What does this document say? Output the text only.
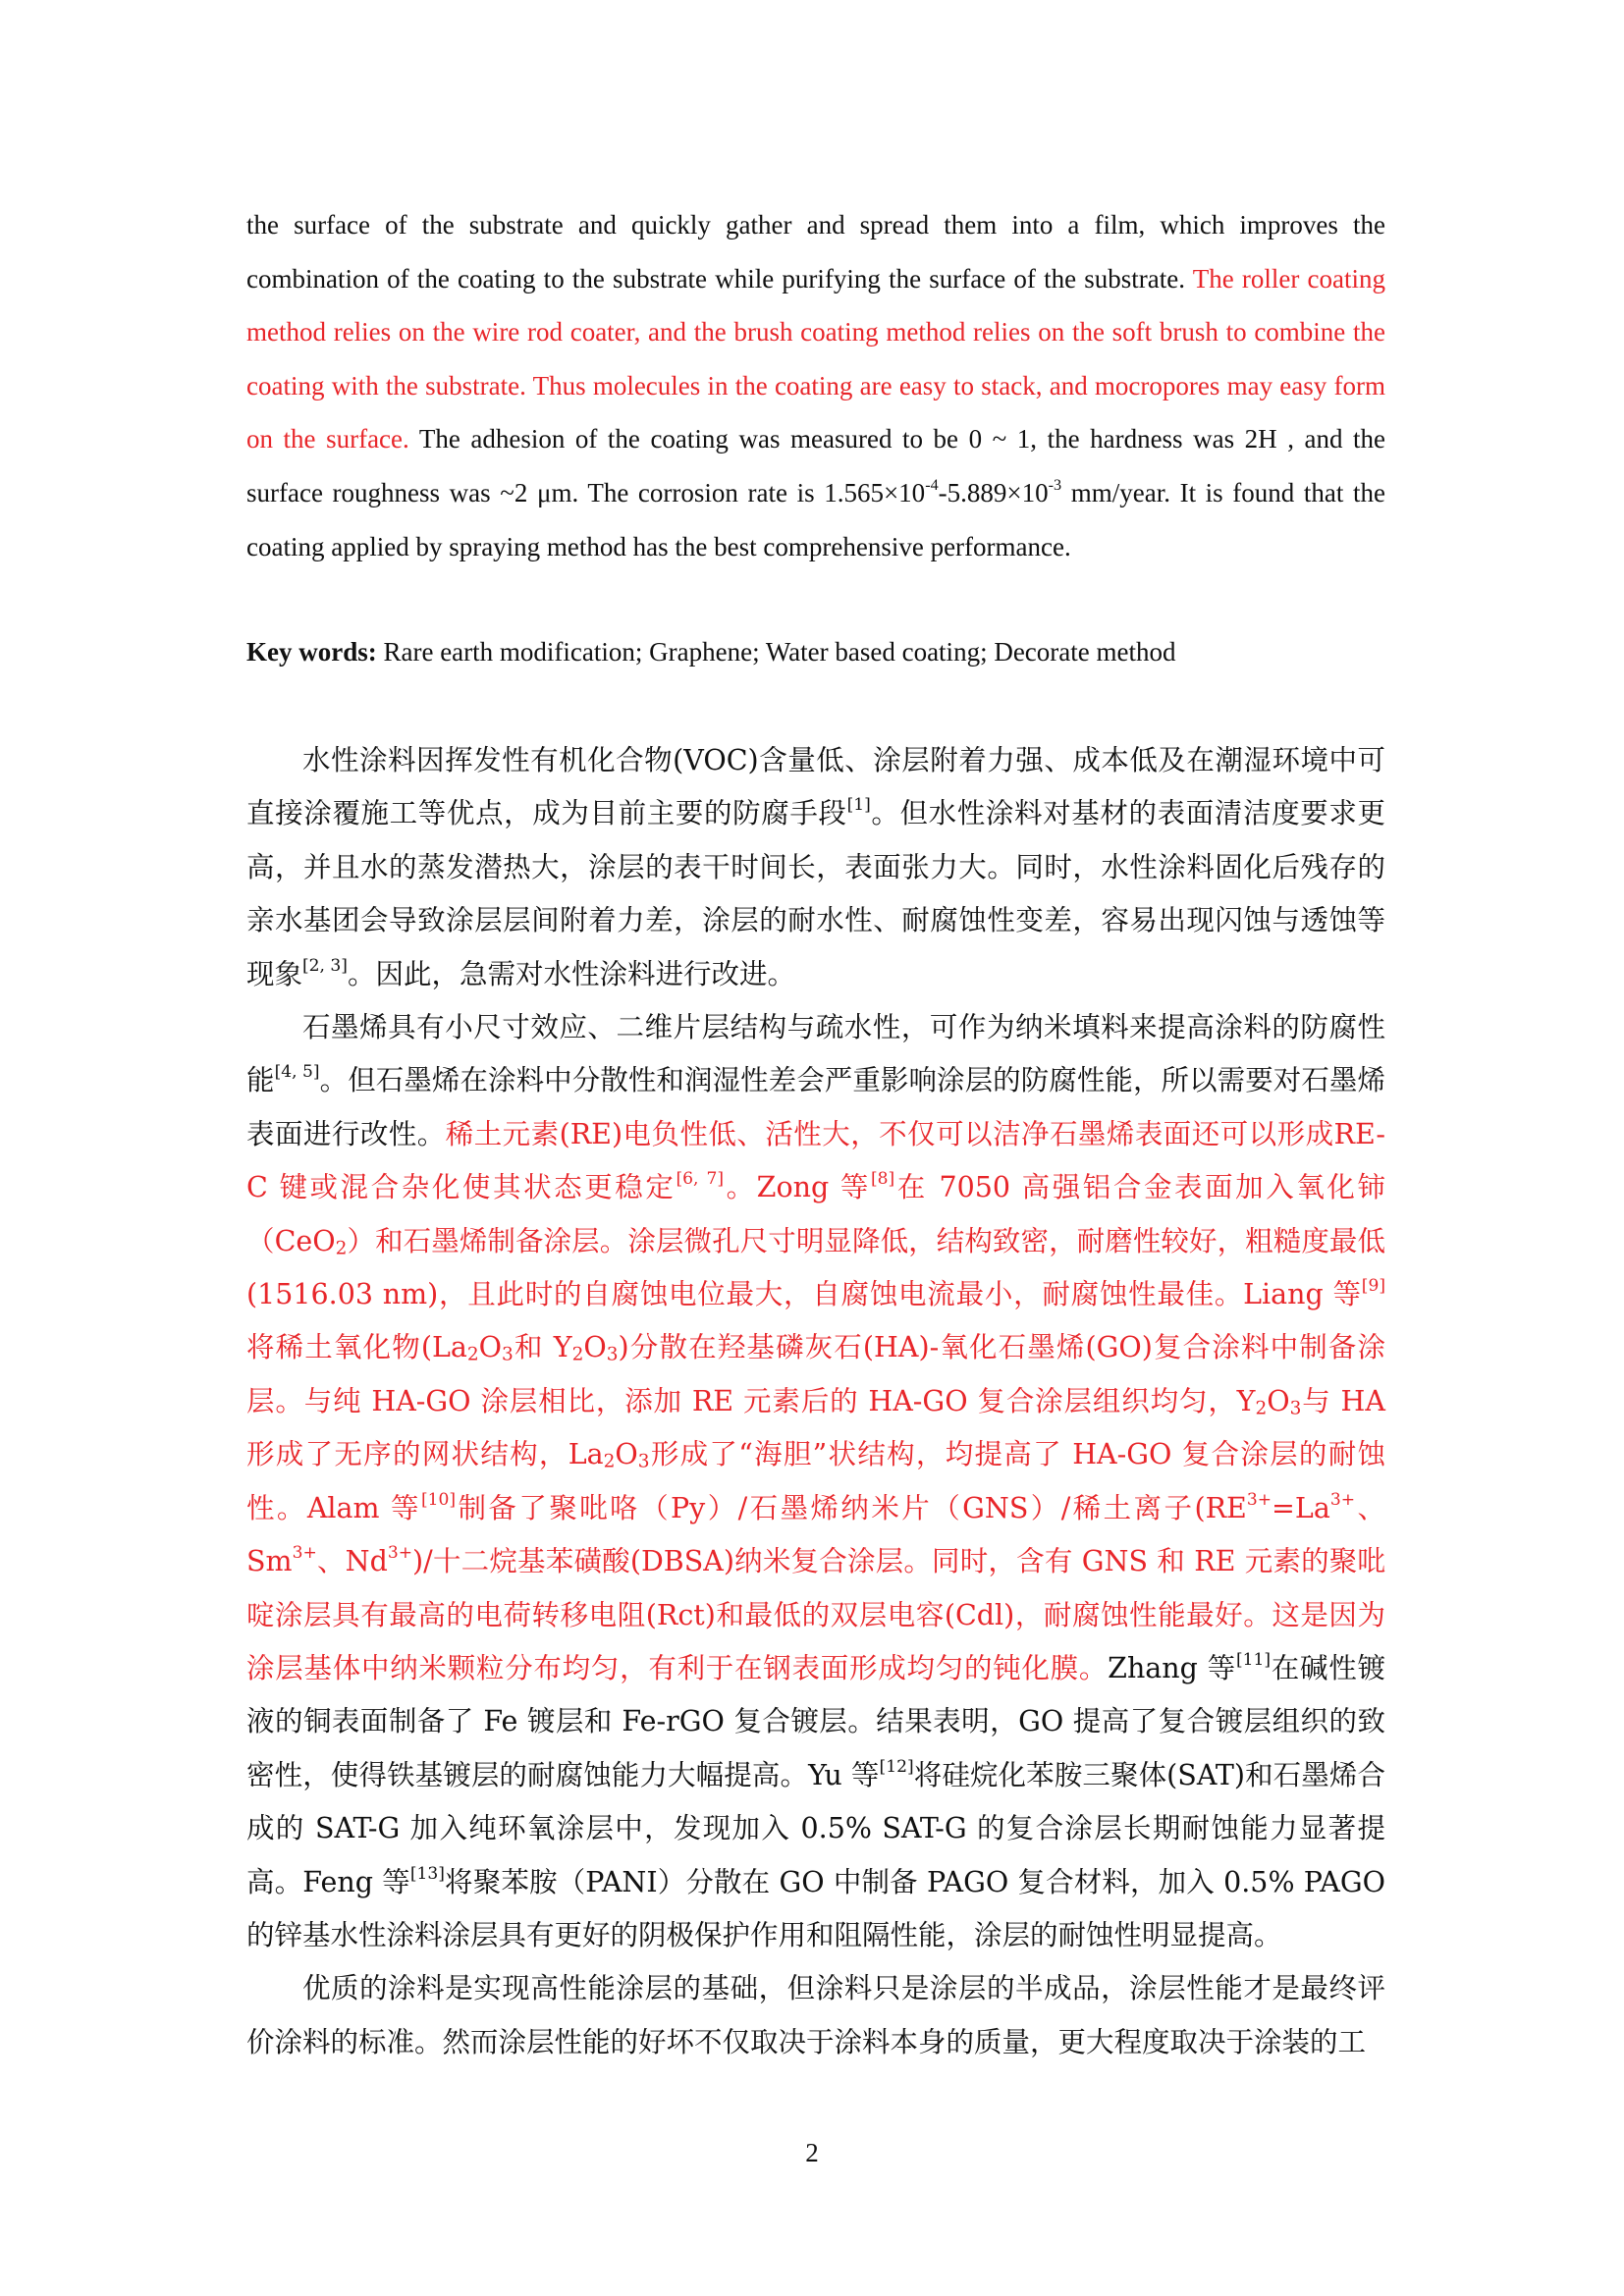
the surface of the substrate and quickly gather and spread them into a film, which improves the combination of the coating to the substrate while purifying the surface of the substrate. The roller coating method relies on the wire rod coater, and the brush coating method relies on the soft brush to combine the coating with the substrate. Thus molecules in the coating are easy to stack, and mocropores may easy form on the surface. The adhesion of the coating was measured to be 0 ~ 1, the hardness was 2H , and the surface roughness was ~2 μm. The corrosion rate is $1.565\times 10^{-4}-5.889\times 10^{-3}$ mm/year. It is found that the coating applied by spraying method has the best comprehensive performance.
Key words: Rare earth modification; Graphene; Water based coating; Decorate method

水性涂料因挥发性有机化合物(VOC)含量低、涂层附着力强、成本低及在潮湿环境中可直接涂覆施工等优点，成为目前主要的防腐手段[1]。但水性涂料对基材的表面清洁度要求更高，并且水的蒸发潜热大，涂层的表干时间长，表面张力大。同时，水性涂料固化后残存的亲水基团会导致涂层层间附着力差，涂层的耐水性、耐腐蚀性变差，容易出现闪蚀与透蚀等现象[2, 3]。因此，急需对水性涂料进行改进。

石墨烯具有小尺寸效应、二维片层结构与疏水性，可作为纳米填料来提高涂料的防腐性能[4, 5]。但石墨烯在涂料中分散性和润湿性差会严重影响涂层的防腐性能，所以需要对石墨烯表面进行改性。稀土元素(RE)电负性低、活性大，不仅可以洁净石墨烯表面还可以形成RE-C 键或混合杂化使其状态更稳定[6, 7]。Zong 等[8]在 7050 高强铝合金表面加入氧化铈（CeO$_2$）和石墨烯制备涂层。涂层微孔尺寸明显降低，结构致密，耐磨性较好，粗糙度最低(1516.03 nm)，且此时的自腐蚀电位最大，自腐蚀电流最小，耐腐蚀性最佳。Liang 等[9]将稀土氧化物($La_2O_3$和 $Y_2O_3$)分散在羟基磷灰石(HA)-氧化石墨烯(GO)复合涂料中制备涂层。与纯 HA-GO 涂层相比，添加 RE 元素后的 HA-GO 复合涂层组织均匀，$Y_2O_3$与 HA 形成了无序的网状结构，$La_2O_3$形成了“海胆”状结构，均提高了 HA-GO 复合涂层的耐蚀性。Alam 等[10]制备了聚吡咯（Py）/石墨烯纳米片（GNS）/稀土离子($RE^{3+}=La^{3+}$、$Sm^{3+}$、$Nd^{3+})/$十二烷基苯磺酸(DBSA)纳米复合涂层。同时，含有 GNS 和 RE 元素的聚吡啶涂层具有最高的电荷转移电阻(Rct)和最低的双层电容(Cdl)，耐腐蚀性能最好。这是因为涂层基体中纳米颗粒分布均匀，有利于在钢表面形成均匀的钝化膜。Zhang 等[11]在碱性镀液的铜表面制备了 Fe 镀层和 Fe-rGO 复合镀层。结果表明，GO 提高了复合镀层组织的致密性，使得铁基镀层的耐腐蚀能力大幅提高。Yu 等[12]将硅烷化苯胺三聚体(SAT)和石墨烯合成的 SAT-G 加入纯环氧涂层中，发现加入 0.5% SAT-G 的复合涂层长期耐蚀能力显著提高。Feng 等[13]将聚苯胺（PANI）分散在 GO 中制备 PAGO 复合材料，加入 0.5% PAGO 的锌基水性涂料涂层具有更好的阴极保护作用和阻隔性能，涂层的耐蚀性明显提高。

优质的涂料是实现高性能涂层的基础，但涂料只是涂层的半成品，涂层性能才是最终评价涂料的标准。然而涂层性能的好坏不仅取决于涂料本身的质量，更大程度取决于涂装的工

2
